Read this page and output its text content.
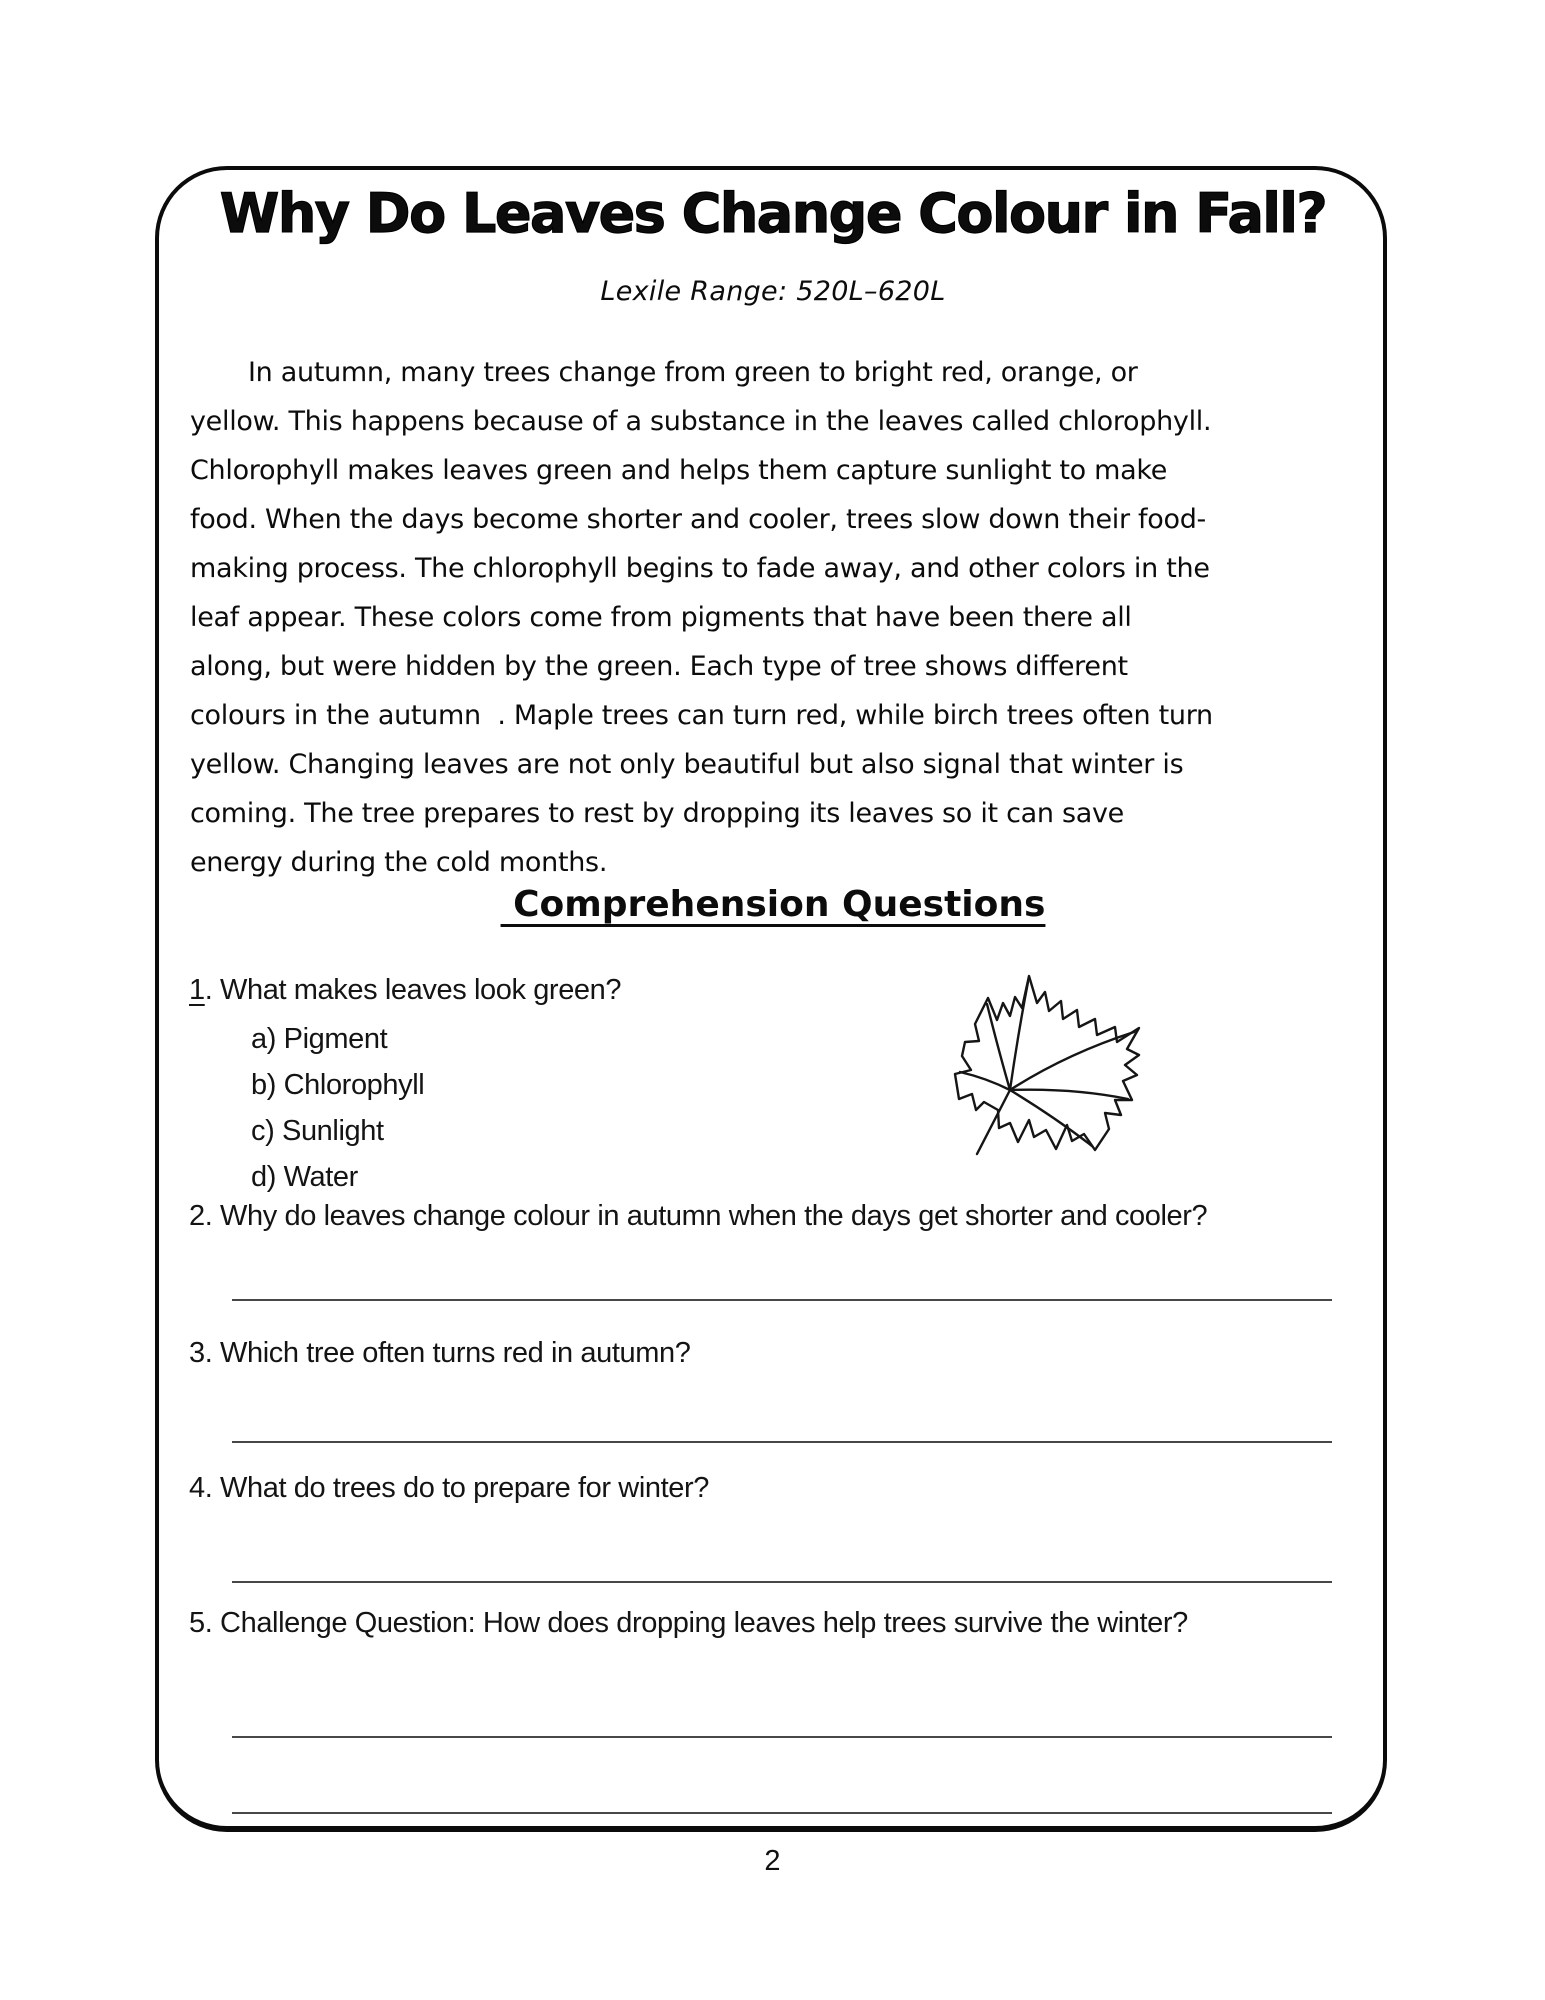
Why Do Leaves Change Colour in Fall?
Lexile Range: 520L–620L
In autumn, many trees change from green to bright red, orange, or
yellow. This happens because of a substance in the leaves called chlorophyll.
Chlorophyll makes leaves green and helps them capture sunlight to make
food. When the days become shorter and cooler, trees slow down their food-
making process. The chlorophyll begins to fade away, and other colors in the
leaf appear. These colors come from pigments that have been there all
along, but were hidden by the green. Each type of tree shows different
colours in the autumn  . Maple trees can turn red, while birch trees often turn
yellow. Changing leaves are not only beautiful but also signal that winter is
coming. The tree prepares to rest by dropping its leaves so it can save
energy during the cold months.
Comprehension Questions
1. What makes leaves look green?
a) Pigment
b) Chlorophyll
c) Sunlight
d) Water
2. Why do leaves change colour in autumn when the days get shorter and cooler?
3. Which tree often turns red in autumn?
4. What do trees do to prepare for winter?
5. Challenge Question: How does dropping leaves help trees survive the winter?
2
